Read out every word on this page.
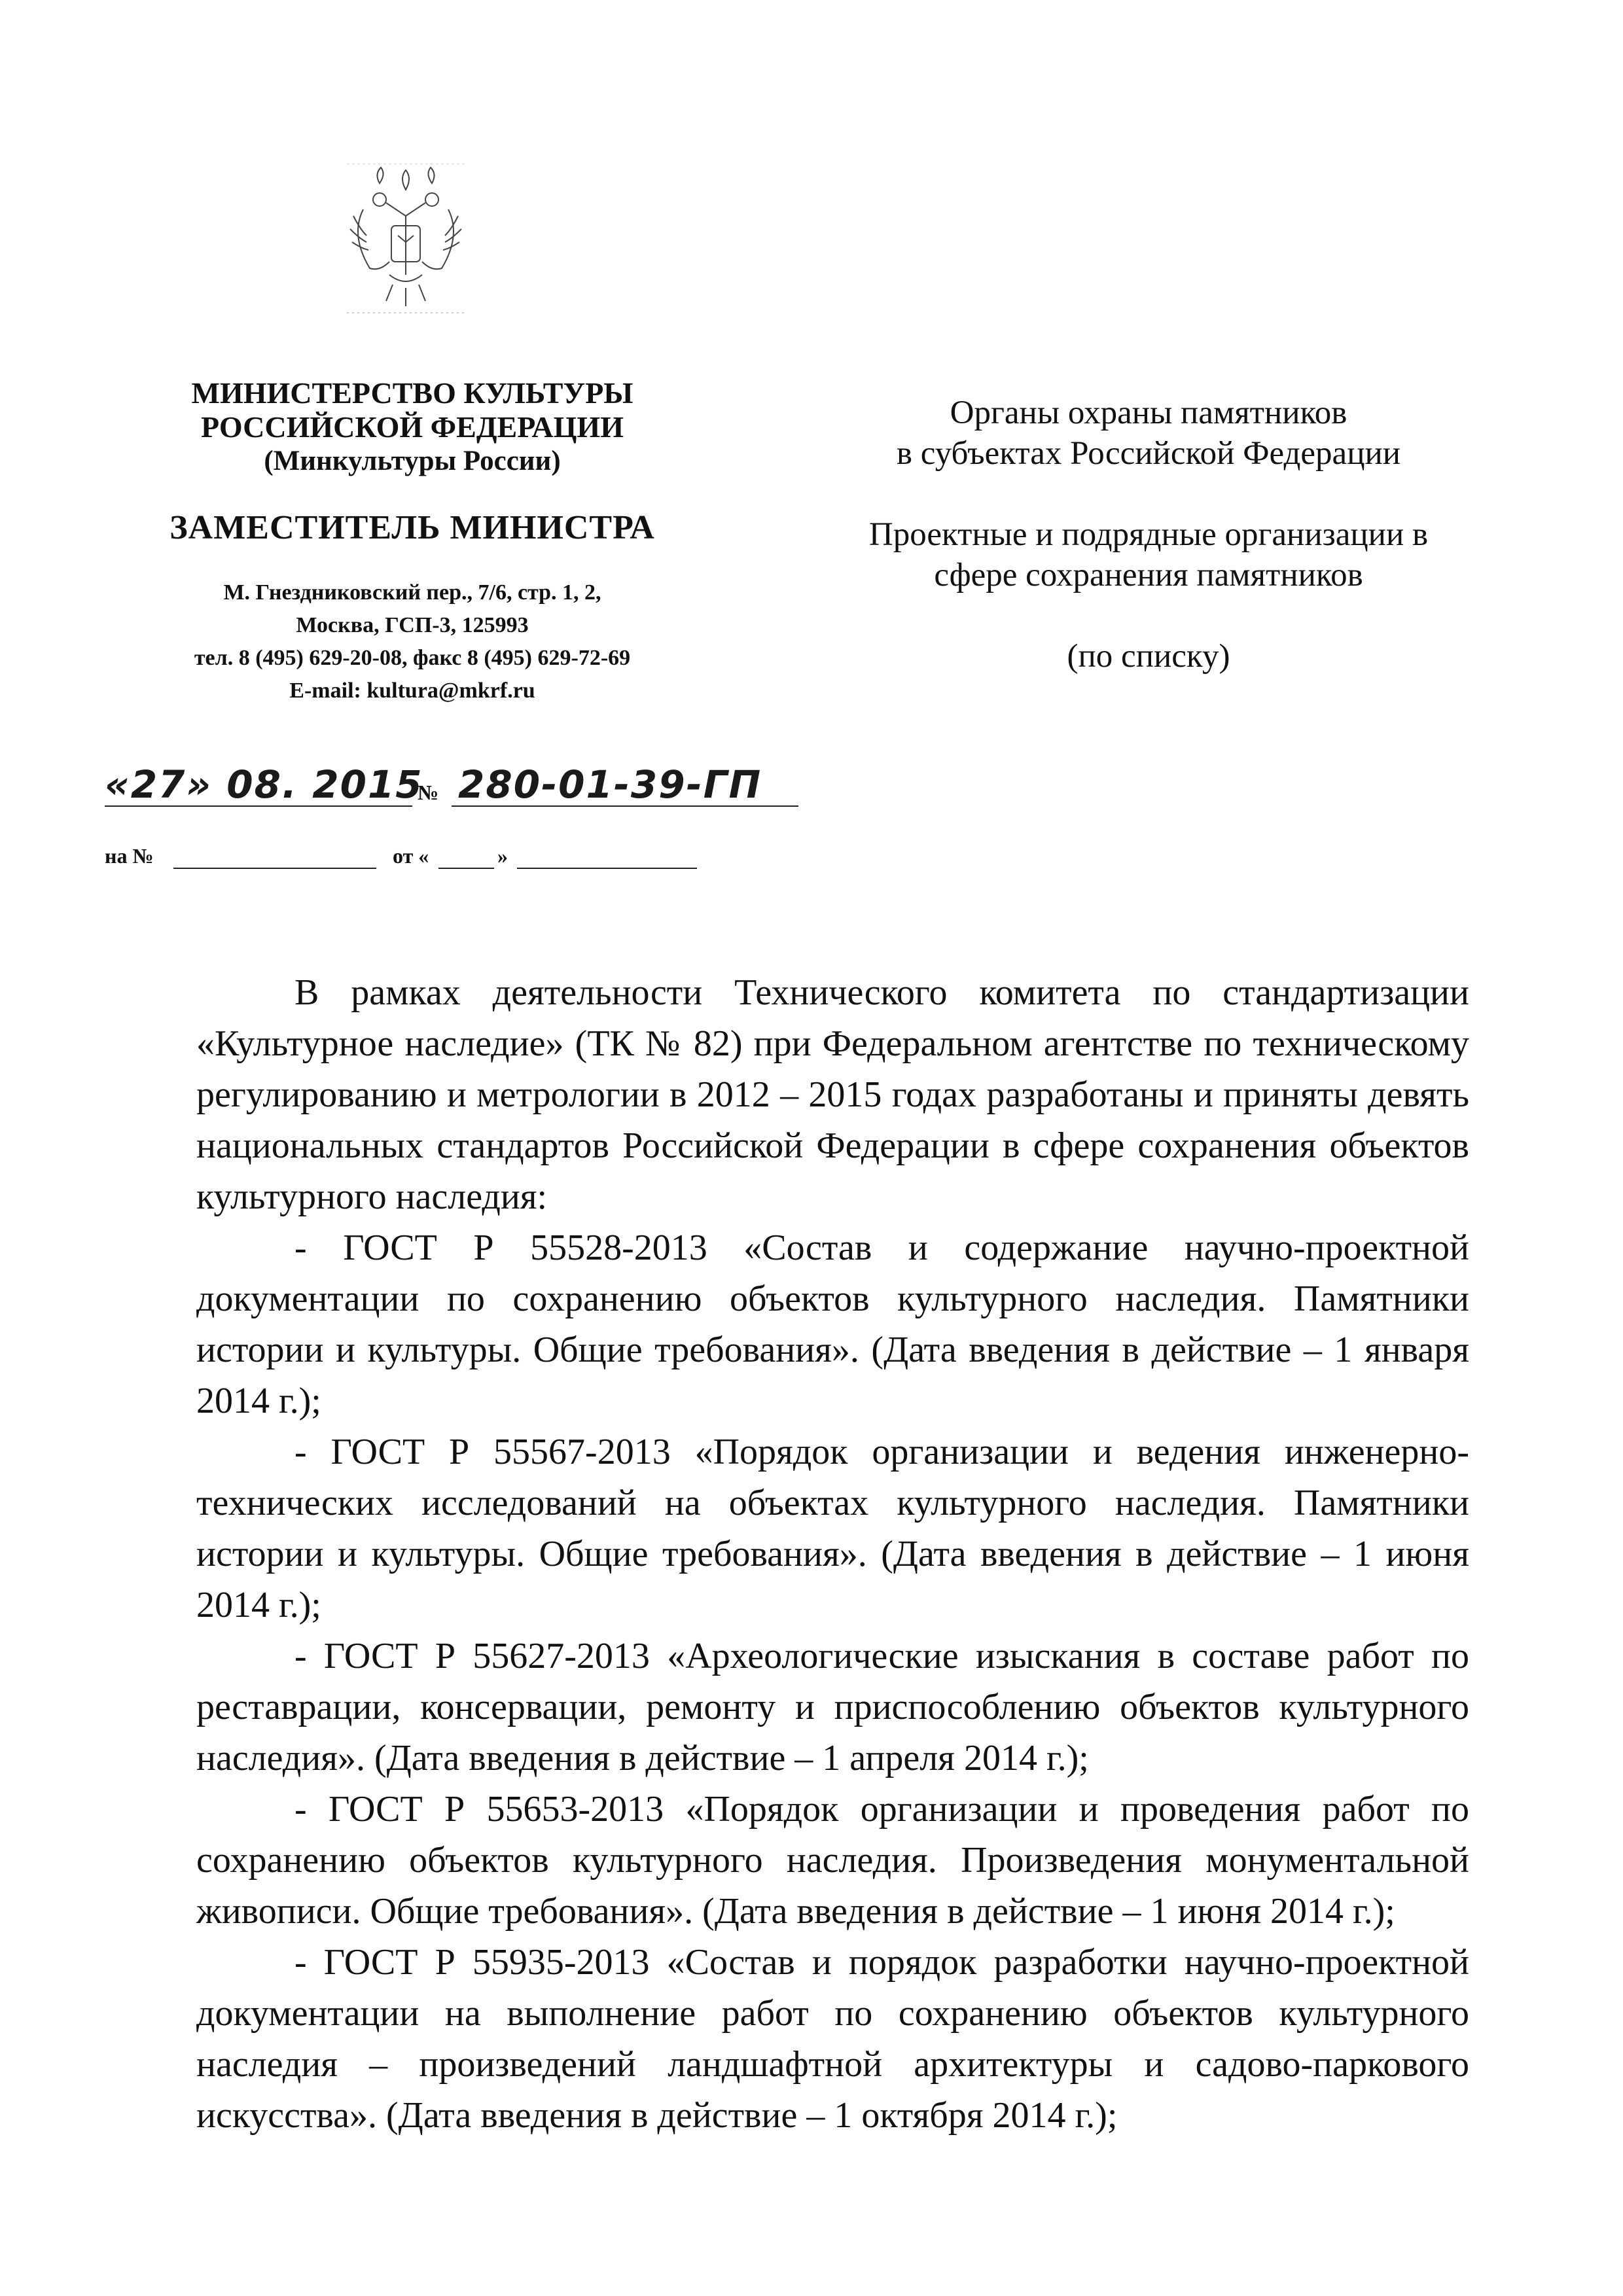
МИНИСТЕРСТВО КУЛЬТУРЫ
РОССИЙСКОЙ ФЕДЕРАЦИИ
(Минкультуры России)
ЗАМЕСТИТЕЛЬ МИНИСТРА
М. Гнездниковский пер., 7/6, стр. 1, 2,
Москва, ГСП-3, 125993
тел. 8 (495) 629-20-08, факс 8 (495) 629-72-69
E-mail: kultura@mkrf.ru
Органы охраны памятников
в субъектах Российской Федерации
Проектные и подрядные организации в
сфере сохранения памятников
(по списку)
«27» 08. 2015
№ 280-01-39-ГП
на №	от «	»

В рамках деятельности Технического комитета по стандартизации «Культурное наследие» (ТК № 82) при Федеральном агентстве по техническому регулированию и метрологии в 2012 – 2015 годах разработаны и приняты девять национальных стандартов Российской Федерации в сфере сохранения объектов культурного наследия:

- ГОСТ Р 55528-2013 «Состав и содержание научно-проектной документации по сохранению объектов культурного наследия. Памятники истории и культуры. Общие требования». (Дата введения в действие – 1 января 2014 г.);

- ГОСТ Р 55567-2013 «Порядок организации и ведения инженерно-технических исследований на объектах культурного наследия. Памятники истории и культуры. Общие требования». (Дата введения в действие – 1 июня 2014 г.);

- ГОСТ Р 55627-2013 «Археологические изыскания в составе работ по реставрации, консервации, ремонту и приспособлению объектов культурного наследия». (Дата введения в действие – 1 апреля 2014 г.);

- ГОСТ Р 55653-2013 «Порядок организации и проведения работ по сохранению объектов культурного наследия. Произведения монументальной живописи. Общие требования». (Дата введения в действие – 1 июня 2014 г.);

- ГОСТ Р 55935-2013 «Состав и порядок разработки научно-проектной документации на выполнение работ по сохранению объектов культурного наследия – произведений ландшафтной архитектуры и садово-паркового искусства». (Дата введения в действие – 1 октября 2014 г.);
